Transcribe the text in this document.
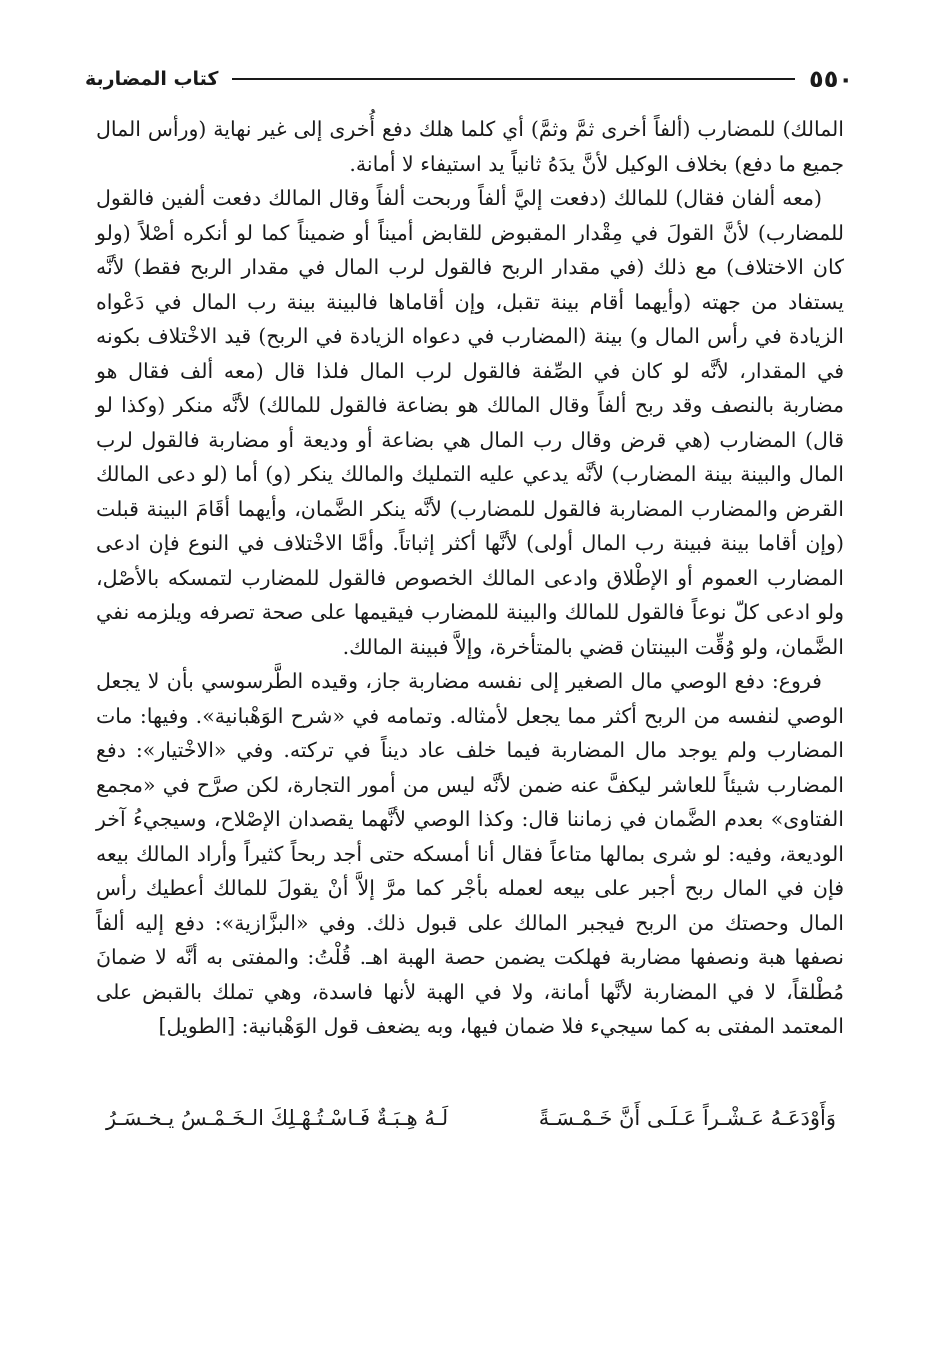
٥٥٠
كتاب المضاربة

المالك) للمضارب (ألفاً أخرى ثمَّ وثمَّ) أي كلما هلك دفع أُخرى إلى غير نهاية (ورأس المال جميع ما دفع) بخلاف الوكيل لأنَّ يدَهُ ثانياً يد استيفاء لا أمانة.

(معه ألفان فقال) للمالك (دفعت إليَّ ألفاً وربحت ألفاً وقال المالك دفعت ألفين فالقول للمضارب) لأنَّ القولَ في مِقْدار المقبوض للقابض أميناً أو ضميناً كما لو أنكره أصْلاً (ولو كان الاختلاف) مع ذلك (في مقدار الربح فالقول لرب المال في مقدار الربح فقط) لأنَّه يستفاد من جهته (وأيهما أقام بينة تقبل، وإن أقاماها فالبينة بينة رب المال في دَعْواه الزيادة في رأس المال و) بينة (المضارب في دعواه الزيادة في الربح) قيد الاخْتلاف بكونه في المقدار، لأنَّه لو كان في الصِّفة فالقول لرب المال فلذا قال (معه ألف فقال هو مضاربة بالنصف وقد ربح ألفاً وقال المالك هو بضاعة فالقول للمالك) لأنَّه منكر (وكذا لو قال) المضارب (هي قرض وقال رب المال هي بضاعة أو وديعة أو مضاربة فالقول لرب المال والبينة بينة المضارب) لأنَّه يدعي عليه التمليك والمالك ينكر (و) أما (لو دعى المالك القرض والمضارب المضاربة فالقول للمضارب) لأنَّه ينكر الضَّمان، وأيهما أقَامَ البينة قبلت (وإن أقاما بينة فبينة رب المال أولى) لأنَّها أكثر إثباتاً. وأمَّا الاخْتلاف في النوع فإن ادعى المضارب العموم أو الإطْلاق وادعى المالك الخصوص فالقول للمضارب لتمسكه بالأصْل، ولو ادعى كلّ نوعاً فالقول للمالك والبينة للمضارب فيقيمها على صحة تصرفه ويلزمه نفي الضَّمان، ولو وُقِّت البينتان قضي بالمتأخرة، وإلاَّ فبينة المالك.

فروع: دفع الوصي مال الصغير إلى نفسه مضاربة جاز، وقيده الطَّرسوسي بأن لا يجعل الوصي لنفسه من الربح أكثر مما يجعل لأمثاله. وتمامه في «شرح الوَهْبانية». وفيها: مات المضارب ولم يوجد مال المضاربة فيما خلف عاد ديناً في تركته. وفي «الاخْتيار»: دفع المضارب شيئاً للعاشر ليكفَّ عنه ضمن لأنَّه ليس من أمور التجارة، لكن صرَّح في «مجمع الفتاوى» بعدم الضَّمان في زماننا قال: وكذا الوصي لأنَّهما يقصدان الإصْلاح، وسيجيءُ آخر الوديعة، وفيه: لو شرى بمالها متاعاً فقال أنا أمسكه حتى أجد ربحاً كثيراً وأراد المالك بيعه فإن في المال ربح أجبر على بيعه لعمله بأجْر كما مرَّ إلاَّ أنْ يقولَ للمالك أعطيك رأس المال وحصتك من الربح فيجبر المالك على قبول ذلك. وفي «البزَّازية»: دفع إليه ألفاً نصفها هبة ونصفها مضاربة فهلكت يضمن حصة الهبة اهـ. قُلْتُ: والمفتى به أنَّه لا ضمانَ مُطْلقاً، لا في المضاربة لأنَّها أمانة، ولا في الهبة لأنها فاسدة، وهي تملك بالقبض على المعتمد المفتى به كما سيجيء فلا ضمان فيها، وبه يضعف قول الوَهْبانية: [الطويل]

وَأَوْدَعَـهُ عَـشْـراً عَـلَـى أَنَّ خَـمْـسَـةً
لَـهُ هِـبَـةٌ فَـاسْـتُـهْـلِكَ الـخَـمْـسُ يـخـسَـرُ
